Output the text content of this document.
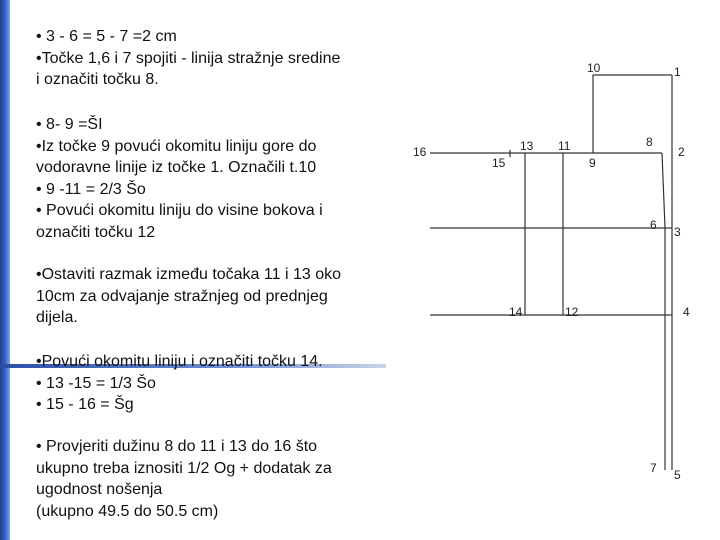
• 3 - 6 = 5 - 7 =2 cm
•Točke 1,6 i 7 spojiti - linija stražnje sredine
i označiti točku 8.
• 8- 9 =ŠI
•Iz točke 9 povući okomitu liniju gore do
vodoravne linije iz točke 1. Označili t.10
• 9 -11 = 2/3 Šo
• Povući okomitu liniju do visine bokova i
označiti točku 12
•Ostaviti razmak između točaka 11 i 13 oko
10cm za odvajanje stražnjeg od prednjeg
dijela.
•Povući okomitu liniju i označiti točku 14.
• 13 -15 = 1/3 Šo
• 15 - 16 = Šg
• Provjeriti dužinu 8 do 11 i 13 do 16 što
ukupno treba iznositi 1/2 Og + dodatak za
ugodnost nošenja
(ukupno 49.5 do 50.5 cm)
10	1
8
2
16	13 11
15	9
6 3
14	12	4
7 5
